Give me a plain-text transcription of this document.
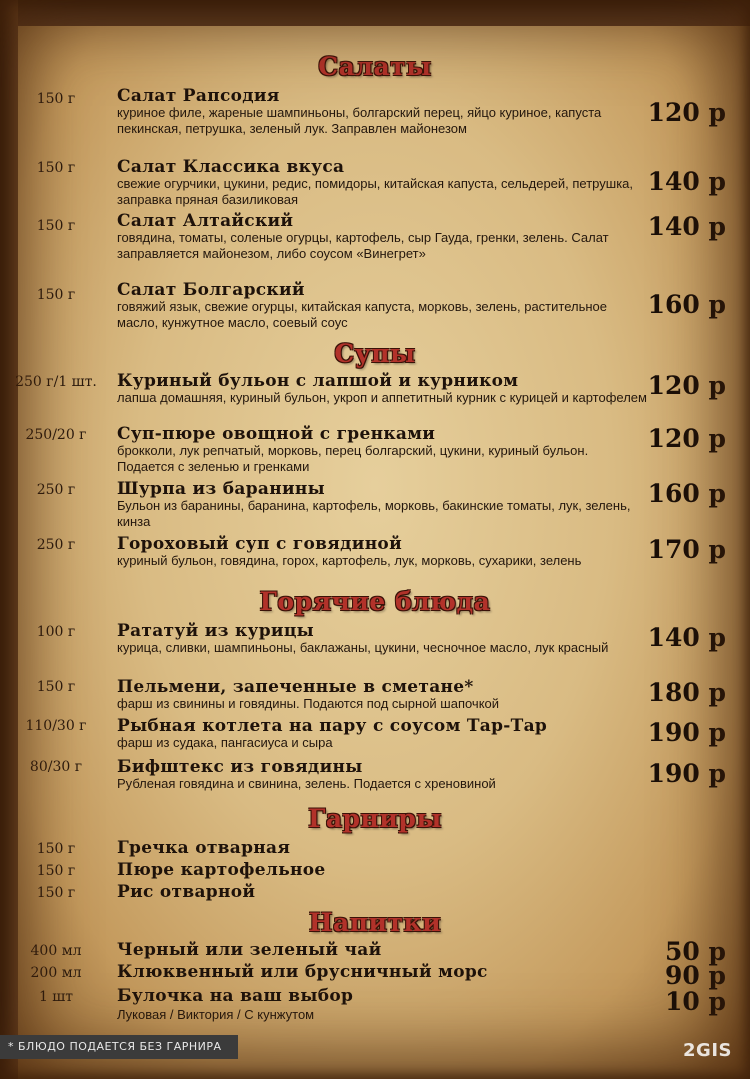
Салаты
150 г	Салат Рапсодия
куриное филе, жареные шампиньоны, болгарский перец, яйцо куриное, капуста пекинская, петрушка, зеленый лук. Заправлен майонезом
120 р
150 г	Салат Классика вкуса
свежие огурчики, цукини, редис, помидоры, китайская капуста, сельдерей, петрушка, заправка пряная базиликовая
140 р
150 г	Салат Алтайский
говядина, томаты, соленые огурцы, картофель, сыр Гауда, гренки, зелень. Салат заправляется майонезом, либо соусом «Винегрет»
140 р
150 г	Салат Болгарский
говяжий язык, свежие огурцы, китайская капуста, морковь, зелень, растительное масло, кунжутное масло, соевый соус
160 р
Супы
250 г/1 шт.	Куриный бульон с лапшой и курником
лапша домашняя, куриный бульон, укроп и аппетитный курник с курицей и картофелем 120 р
250/20 г	Суп-пюре овощной с гренками
брокколи, лук репчатый, морковь, перец болгарский, цукини, куриный бульон. Подается с зеленью и гренками
120 р
250 г	Шурпа из баранины
Бульон из баранины, баранина, картофель, морковь, бакинские томаты, лук, зелень, кинза
160 р
250 г	Гороховый суп с говядиной
куриный бульон, говядина, горох, картофель, лук, морковь, сухарики, зелень	170 р
Горячие блюда
100 г	Рататуй из курицы
курица, сливки, шампиньоны, баклажаны, цукини, чесночное масло, лук красный	140 р
150 г	Пельмени, запеченные в сметане*
фарш из свинины и говядины. Подаются под сырной шапочкой	180 р
110/30 г	Рыбная котлета на пару с соусом Тар-Тар
фарш из судака, пангасиуса и сыра	190 р
80/30 г	Бифштекс из говядины
Рубленая говядина и свинина, зелень. Подается с хреновиной	190 р
Гарниры
150 г	Гречка отварная
150 г	Пюре картофельное
150 г	Рис отварной
Напитки
400 мл	Черный или зеленый чай	50 р
200 мл	Клюквенный или брусничный морс	90 р
1 шт	Булочка на ваш выбор
Луковая / Виктория / С кунжутом	10 р
* БЛЮДО ПОДАЕТСЯ БЕЗ ГАРНИРА	2GIS
